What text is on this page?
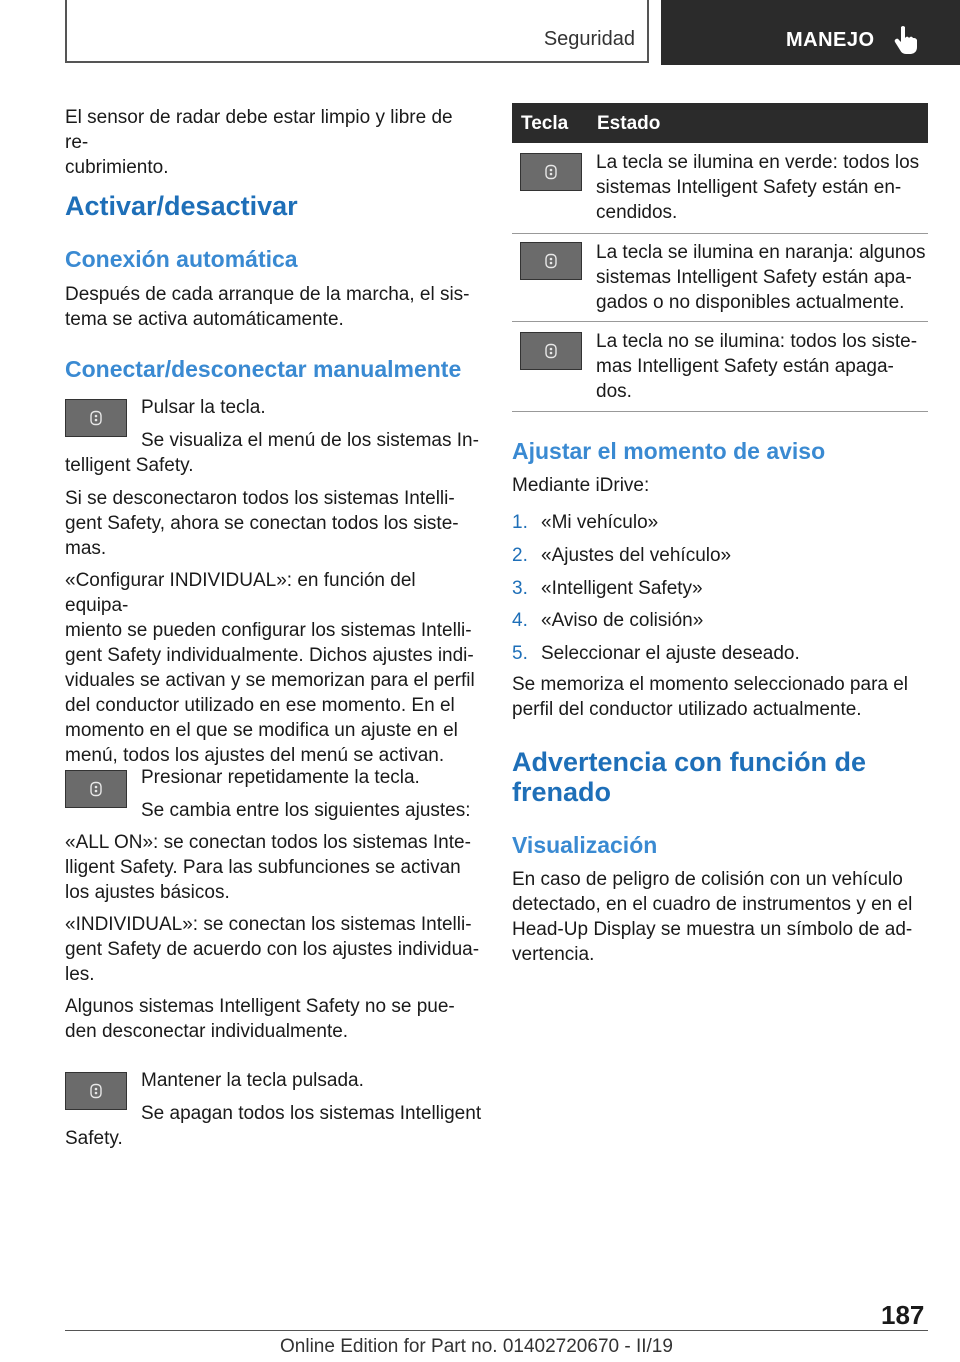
Seguridad	MANEJO
El sensor de radar debe estar limpio y libre de re-
cubrimiento.
Activar/desactivar
Conexión automática
Después de cada arranque de la marcha, el sis-
tema se activa automáticamente.
Conectar/desconectar manualmente
Pulsar la tecla.
Se visualiza el menú de los sistemas In-
telligent Safety.
Si se desconectaron todos los sistemas Intelli-
gent Safety, ahora se conectan todos los siste-
mas.
«Configurar INDIVIDUAL»: en función del equipa-
miento se pueden configurar los sistemas Intelli-
gent Safety individualmente. Dichos ajustes indi-
viduales se activan y se memorizan para el perfil
del conductor utilizado en ese momento. En el
momento en el que se modifica un ajuste en el
menú, todos los ajustes del menú se activan.
Presionar repetidamente la tecla.
Se cambia entre los siguientes ajustes:
«ALL ON»: se conectan todos los sistemas Inte-
lligent Safety. Para las subfunciones se activan
los ajustes básicos.
«INDIVIDUAL»: se conectan los sistemas Intelli-
gent Safety de acuerdo con los ajustes individua-
les.
Algunos sistemas Intelligent Safety no se pue-
den desconectar individualmente.
Mantener la tecla pulsada.
Se apagan todos los sistemas Intelligent
Safety.
Tecla Estado
La tecla se ilumina en verde: todos los
sistemas Intelligent Safety están en-
cendidos.
La tecla se ilumina en naranja: algunos
sistemas Intelligent Safety están apa-
gados o no disponibles actualmente.
La tecla no se ilumina: todos los siste-
mas Intelligent Safety están apaga-
dos.
Ajustar el momento de aviso
Mediante iDrive:
1. «Mi vehículo»
2. «Ajustes del vehículo»
3. «Intelligent Safety»
4. «Aviso de colisión»
5. Seleccionar el ajuste deseado.
Se memoriza el momento seleccionado para el
perfil del conductor utilizado actualmente.
Advertencia con función de
frenado
Visualización
En caso de peligro de colisión con un vehículo
detectado, en el cuadro de instrumentos y en el
Head-Up Display se muestra un símbolo de ad-
vertencia.
187
Online Edition for Part no. 01402720670 - II/19
